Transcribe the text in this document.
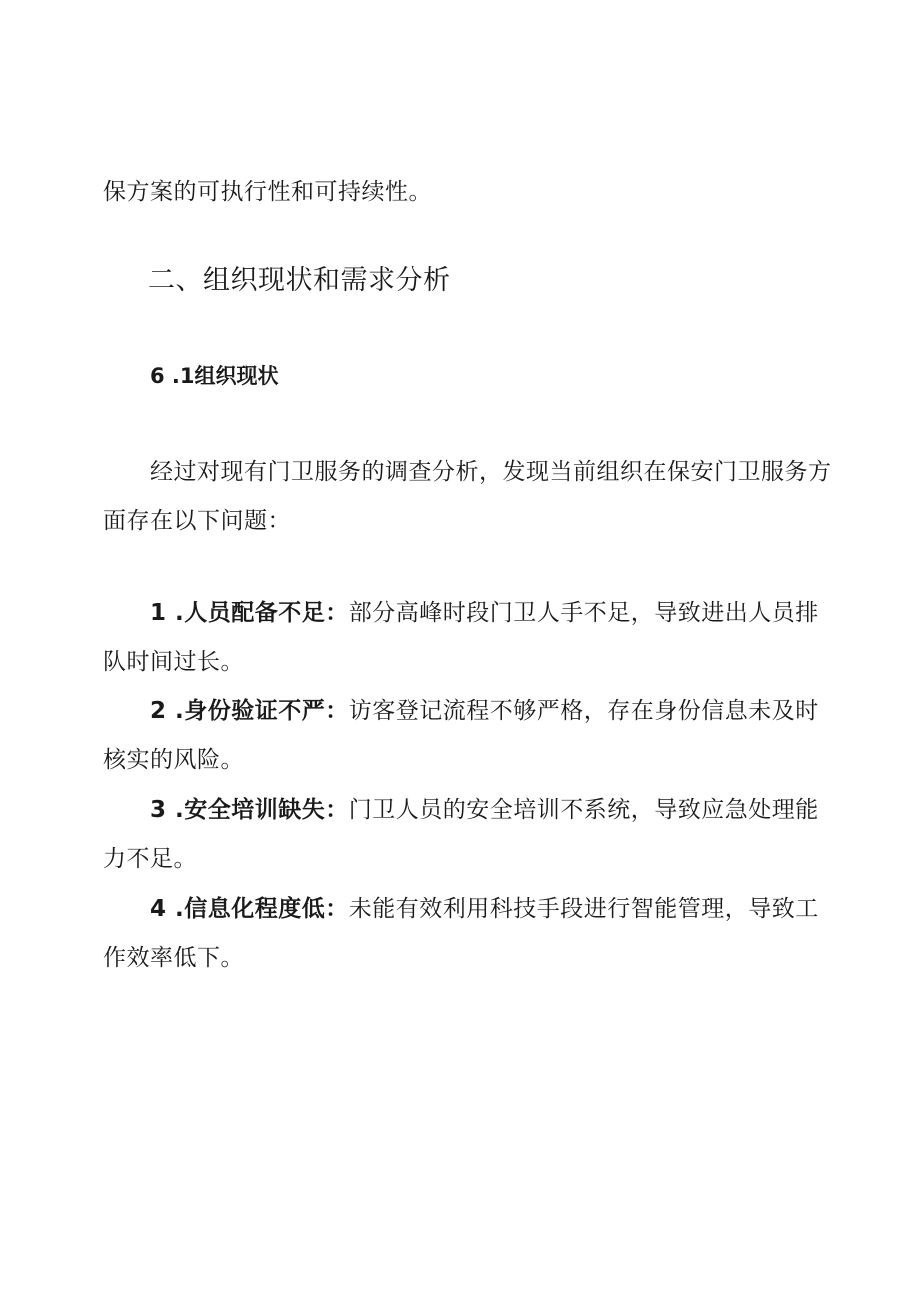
保方案的可执行性和可持续性。
二、组织现状和需求分析
6 .1组织现状
经过对现有门卫服务的调查分析，发现当前组织在保安门卫服务方
面存在以下问题：
1 .人员配备不足：部分高峰时段门卫人手不足，导致进出人员排
队时间过长。
2 .身份验证不严：访客登记流程不够严格，存在身份信息未及时
核实的风险。
3 .安全培训缺失：门卫人员的安全培训不系统，导致应急处理能
力不足。
4 .信息化程度低：未能有效利用科技手段进行智能管理，导致工
作效率低下。
